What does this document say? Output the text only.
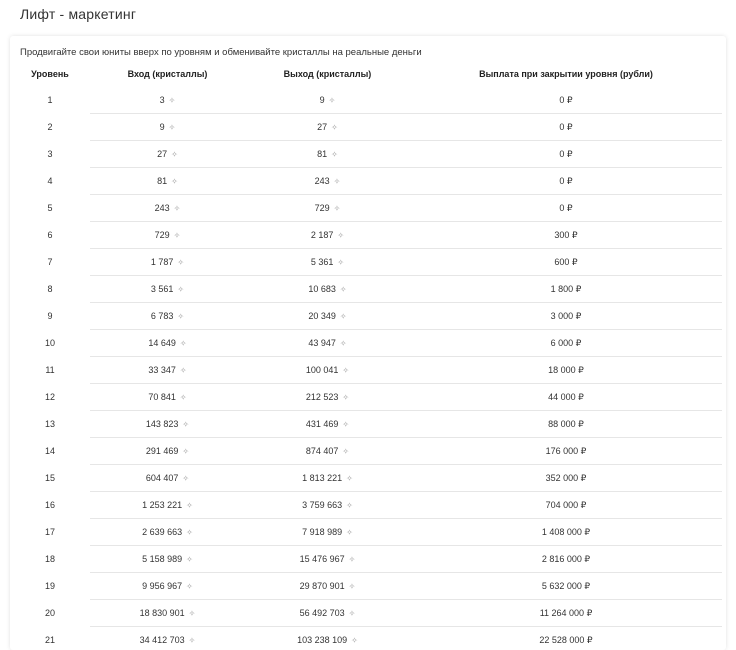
Лифт - маркетинг
Продвигайте свои юниты вверх по уровням и обменивайте кристаллы на реальные деньги
Уровень	Вход (кристаллы)	Выход (кристаллы)	Выплата при закрытии уровня (рубли)
1	3 ✧	9 ✧	0 ₽
2	9 ✧	27 ✧	0 ₽
3	27 ✧	81 ✧	0 ₽
4	81 ✧	243 ✧	0 ₽
5	243 ✧	729 ✧	0 ₽
6	729 ✧	2 187 ✧	300 ₽
7	1 787 ✧	5 361 ✧	600 ₽
8	3 561 ✧	10 683 ✧	1 800 ₽
9	6 783 ✧	20 349 ✧	3 000 ₽
10	14 649 ✧	43 947 ✧	6 000 ₽
11	33 347 ✧	100 041 ✧	18 000 ₽
12	70 841 ✧	212 523 ✧	44 000 ₽
13	143 823 ✧	431 469 ✧	88 000 ₽
14	291 469 ✧	874 407 ✧	176 000 ₽
15	604 407 ✧	1 813 221 ✧	352 000 ₽
16	1 253 221 ✧	3 759 663 ✧	704 000 ₽
17	2 639 663 ✧	7 918 989 ✧	1 408 000 ₽
18	5 158 989 ✧	15 476 967 ✧	2 816 000 ₽
19	9 956 967 ✧	29 870 901 ✧	5 632 000 ₽
20	18 830 901 ✧	56 492 703 ✧	11 264 000 ₽
21	34 412 703 ✧	103 238 109 ✧	22 528 000 ₽
